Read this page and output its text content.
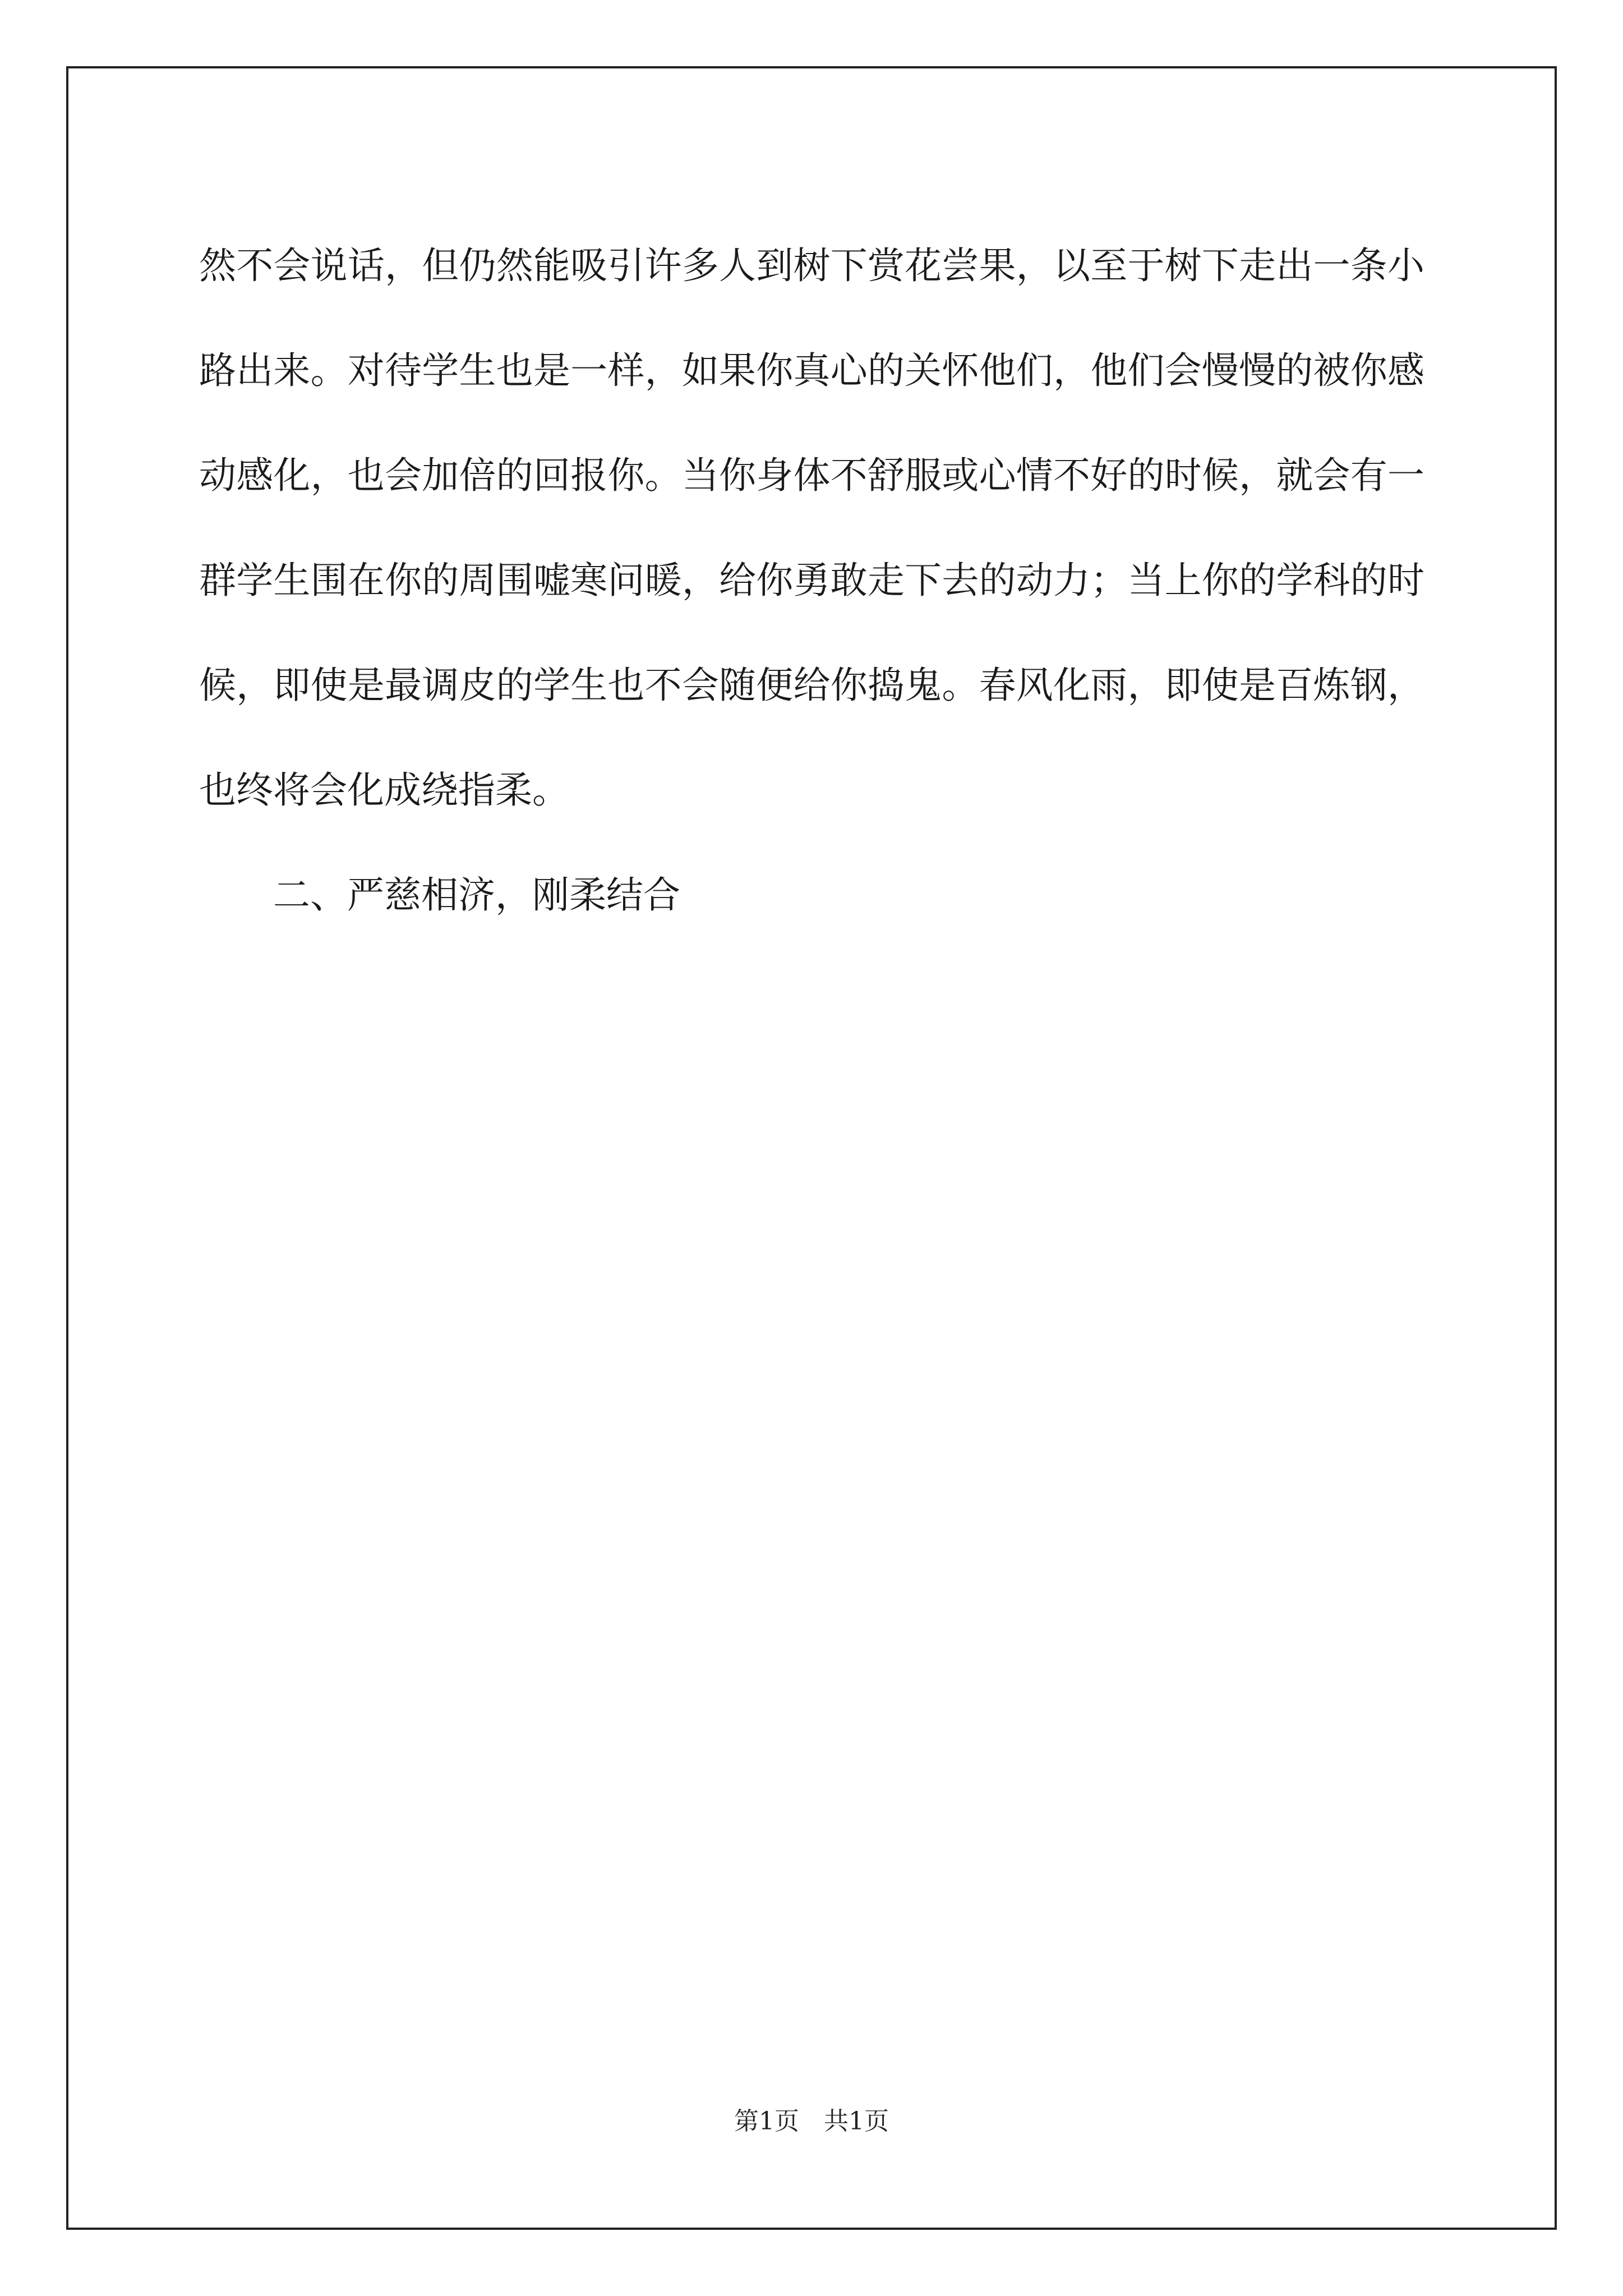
然不会说话，但仍然能吸引许多人到树下赏花尝果，以至于树下走出一条小路出来。对待学生也是一样，如果你真心的关怀他们，他们会慢慢的被你感动感化，也会加倍的回报你。当你身体不舒服或心情不好的时候，就会有一群学生围在你的周围嘘寒问暖，给你勇敢走下去的动力；当上你的学科的时候，即使是最调皮的学生也不会随便给你捣鬼。春风化雨，即使是百炼钢，也终将会化成绕指柔。

二、严慈相济，刚柔结合

第1页　共1页
